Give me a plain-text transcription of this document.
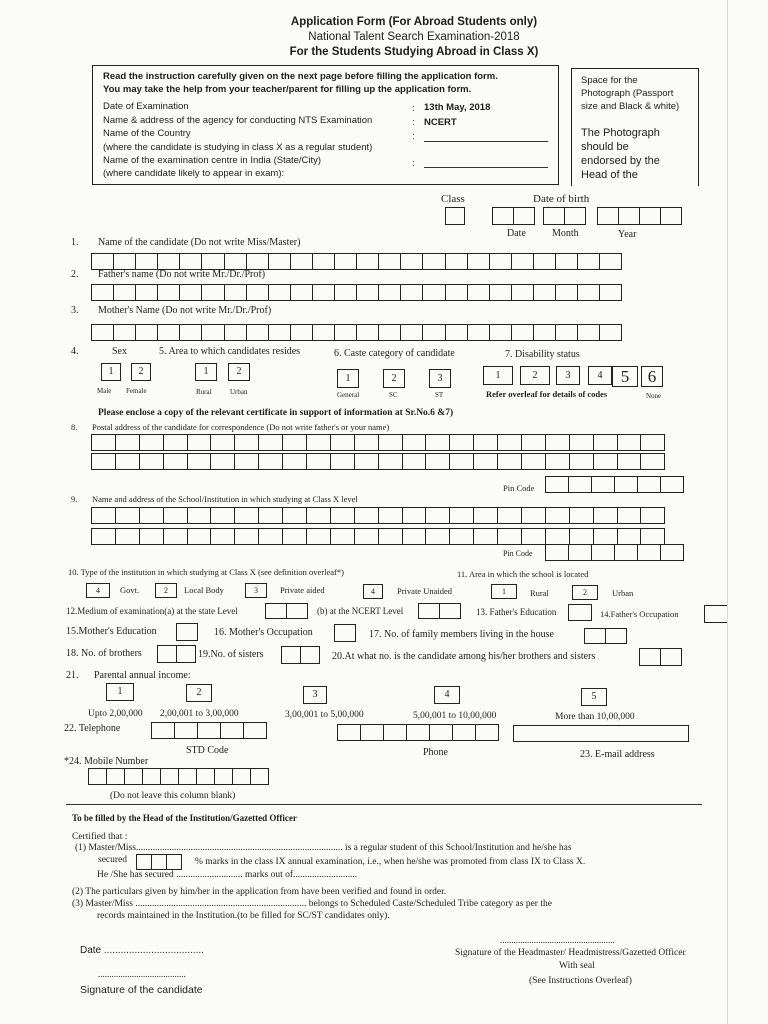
Application Form (For Abroad Students only)
National Talent Search Examination-2018
For the Students Studying Abroad in Class X)
Read the instruction carefully given on the next page before filling the application form.
You may take the help from your teacher/parent for filling up the application form.
Date of Examination	: 13th May, 2018
Name & address of the agency for conducting NTS Examination	: NCERT
Name of the Country	:
(where the candidate is studying in class X as a regular student)
Name of the examination centre in India (State/City)	:
(where candidate likely to appear in exam):
Space for the
Photograph (Passport
size and Black & white)
The Photograph
should be
endorsed by the
Head of the
Class	Date of birth
Date	Month	Year
1. Name of the candidate (Do not write Miss/Master)
2. Father's name (Do not write Mr./Dr./Prof)
3. Mother's Name (Do not write Mr./Dr./Prof)
4.	Sex	5. Area to which candidates resides	6. Caste category of candidate	7. Disability status
1	2
Male Female
1	2
Rural	Urban
1	2	3
General	SC	ST
1	2	3	4	5	6
Refer overleaf for details of codes	None
Please enclose a copy of the relevant certificate in support of information at Sr.No.6 &7)
8. Postal address of the candidate for correspondence (Do not write father's or your name)
Pin Code
9. Name and address of the School/Institution in which studying at Class X level
Pin Code
10. Type of the institution in which studying at Class X (see definition overleaf*)	11. Area in which the school is located
4	Govt.	2	Local Body	3	Private aided	4	Private Unaided	1	Rural	2	Urban
12.Medium of examination(a) at the state Level	(b) at the NCERT Level	13. Father's Education	14.Father's Occupation
15.Mother's Education	16. Mother's Occupation	17. No. of family members living in the house
18. No. of brothers	19.No. of sisters	20.At what no. is the candidate among his/her brothers and sisters
21. Parental annual income:
1	2	3	4	5
Upto 2,00,000 2,00,001 to 3,00,000	3,00,001 to 5,00,000	5,00,001 to 10,00,000	More than 10,00,000
22. Telephone
STD Code	Phone	23. E-mail address
*24. Mobile Number
(Do not leave this column blank)
To be filled by the Head of the Institution/Gazetted Officer
Certified that :
(1) Master/Miss....................................................................................... is a regular student of this School/Institution and he/she has
secured	% marks in the class IX annual examination, i.e., when he/she was promoted from class IX to Class X.
He /She has secured ............................ marks out of...........................
(2) The particulars given by him/her in the application from have been verified and found in order.
(3) Master/Miss ........................................................................ belongs to Scheduled Caste/Scheduled Tribe category as per the
records maintained in the Institution.(to be filled for SC/ST candidates only).
Date ....................................
.......................................
Signature of the candidate
...................................................
Signature of the Headmaster/ Headmistress/Gazetted Officer
With seal
(See Instructions Overleaf)
